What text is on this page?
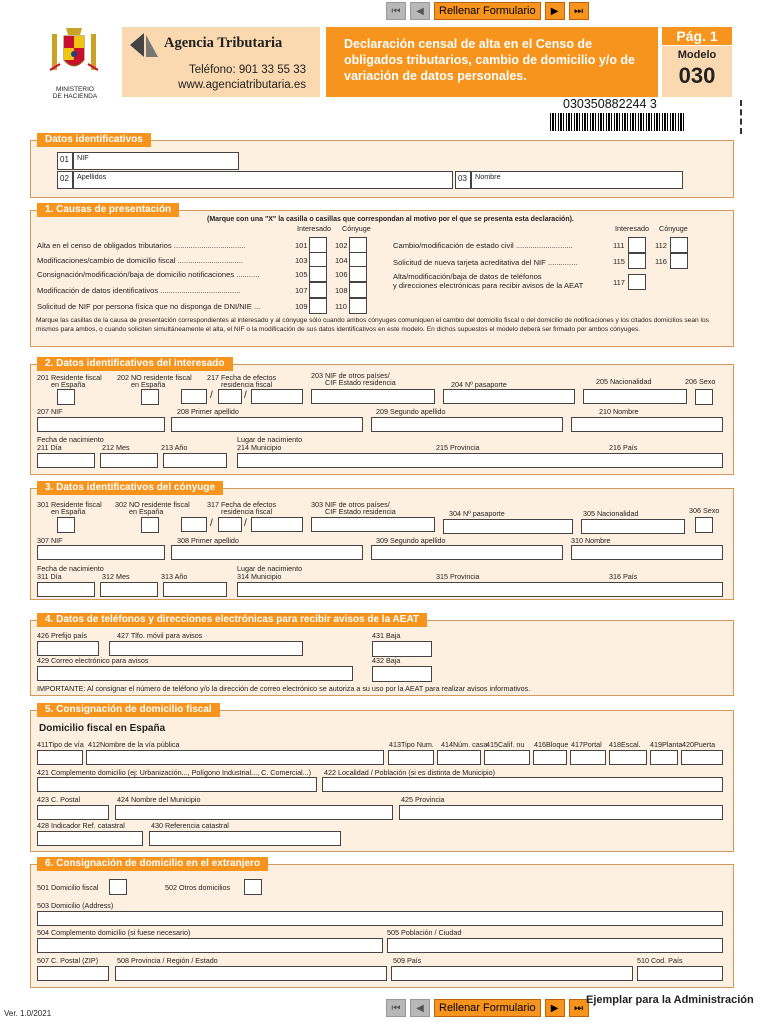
⏮	◀	Rellenar Formulario	▶	⏭
MINISTERIO
DE HACIENDA
Agencia Tributaria
Teléfono: 901 33 55 33
www.agenciatributaria.es
Declaración censal de alta en el Censo de obligados tributarios, cambio de domicilio y/o de variación de datos personales.
Pág. 1
Modelo
030
030350882244 3
Datos identificativos
01	NIF
02	Apellidos	03	Nombre
1. Causas de presentación
(Marque con una "X" la casilla o casillas que correspondan al motivo por el que se presenta esta declaración).
Interesado Cónyuge	Interesado Cónyuge
Alta en el censo de obligados tributarios ..................................	101	102
Modificaciones/cambio de domicilio fiscal ...............................	103	104
Consignación/modificación/baja de domicilio notificaciones ...........	105	106
Modificación de datos identificativos ......................................	107	108
Solicitud de NIF por persona física que no disponga de DNI/NIE ...	109	110
Cambio/modificación de estado civil ...........................	111	112
Solicitud de nueva tarjeta acreditativa del NIF ..............	115	116
Alta/modificación/baja de datos de teléfonos
y direcciones electrónicas para recibir avisos de la AEAT	117
Marque las casillas de la causa de presentación correspondientes al interesado y al cónyuge sólo cuando ambos cónyuges comuniquen el cambio del domicilio fiscal o del domicilio de notificaciones y los citados domicilios sean los mismos para ambos, o cuando soliciten simultáneamente el alta, el NIF o la modificación de sus datos identificativos en este modelo. En dichos supuestos el modelo deberá ser firmado por ambos cónyuges.
2. Datos identificativos del interesado
201 Residente fiscal
en España
202 NO residente fiscal
en España
217 Fecha de efectos
residencia fiscal
/	/
203 NIF de otros países/
CIF Estado residencia	204 Nº pasaporte	205 Nacionalidad	206 Sexo
207 NIF	208 Primer apellido	209 Segundo apellido	210 Nombre
Fecha de nacimiento
211 Día	212 Mes	213 Año
Lugar de nacimiento
214 Municipio	215 Provincia	216 País
3. Datos identificativos del cónyuge
301 Residente fiscal
en España
302 NO residente fiscal
en España
317 Fecha de efectos
residencia fiscal
/	/
303 NIF de otros países/
CIF Estado residencia	304 Nº pasaporte	305 Nacionalidad	306 Sexo
307 NIF	308 Primer apellido	309 Segundo apellido	310 Nombre
Fecha de nacimiento
311 Día	312 Mes	313 Año
Lugar de nacimiento
314 Municipio	315 Provincia	316 País
4. Datos de teléfonos y direcciones electrónicas para recibir avisos de la AEAT
426 Prefijo país	427 Tlfo. móvil para avisos	431 Baja
429 Correo electrónico para avisos	432 Baja
IMPORTANTE: Al consignar el número de teléfono y/o la dirección de correo electrónico se autoriza a su uso por la AEAT para realizar avisos informativos.
5. Consignación de domicilio fiscal
Domicilio fiscal en España
411Tipo de vía 412Nombre de la vía pública	413Tipo Num. 414Núm. casa
415Calif. nu 416Bloque 417Portal 418Escal. 419Planta 420Puerta
421 Complemento domicilio (ej: Urbanización..., Polígono Industrial..., C. Comercial...) 422 Localidad / Población (si es distinta de Municipio)
423 C. Postal	424 Nombre del Municipio	425 Provincia
428 Indicador Ref. catastral	430 Referencia catastral
6. Consignación de domicilio en el extranjero
501 Domicilio fiscal	502 Otros domicilios
503 Domicilio (Address)
504 Complemento domicilio (si fuese necesario)	505 Población / Ciudad
507 C. Postal (ZIP)	508 Provincia / Región / Estado	509 País	510 Cod. País
Ver. 1.0/2021	⏮	◀	Rellenar Formulario	▶	⏭
Ejemplar para la Administración
